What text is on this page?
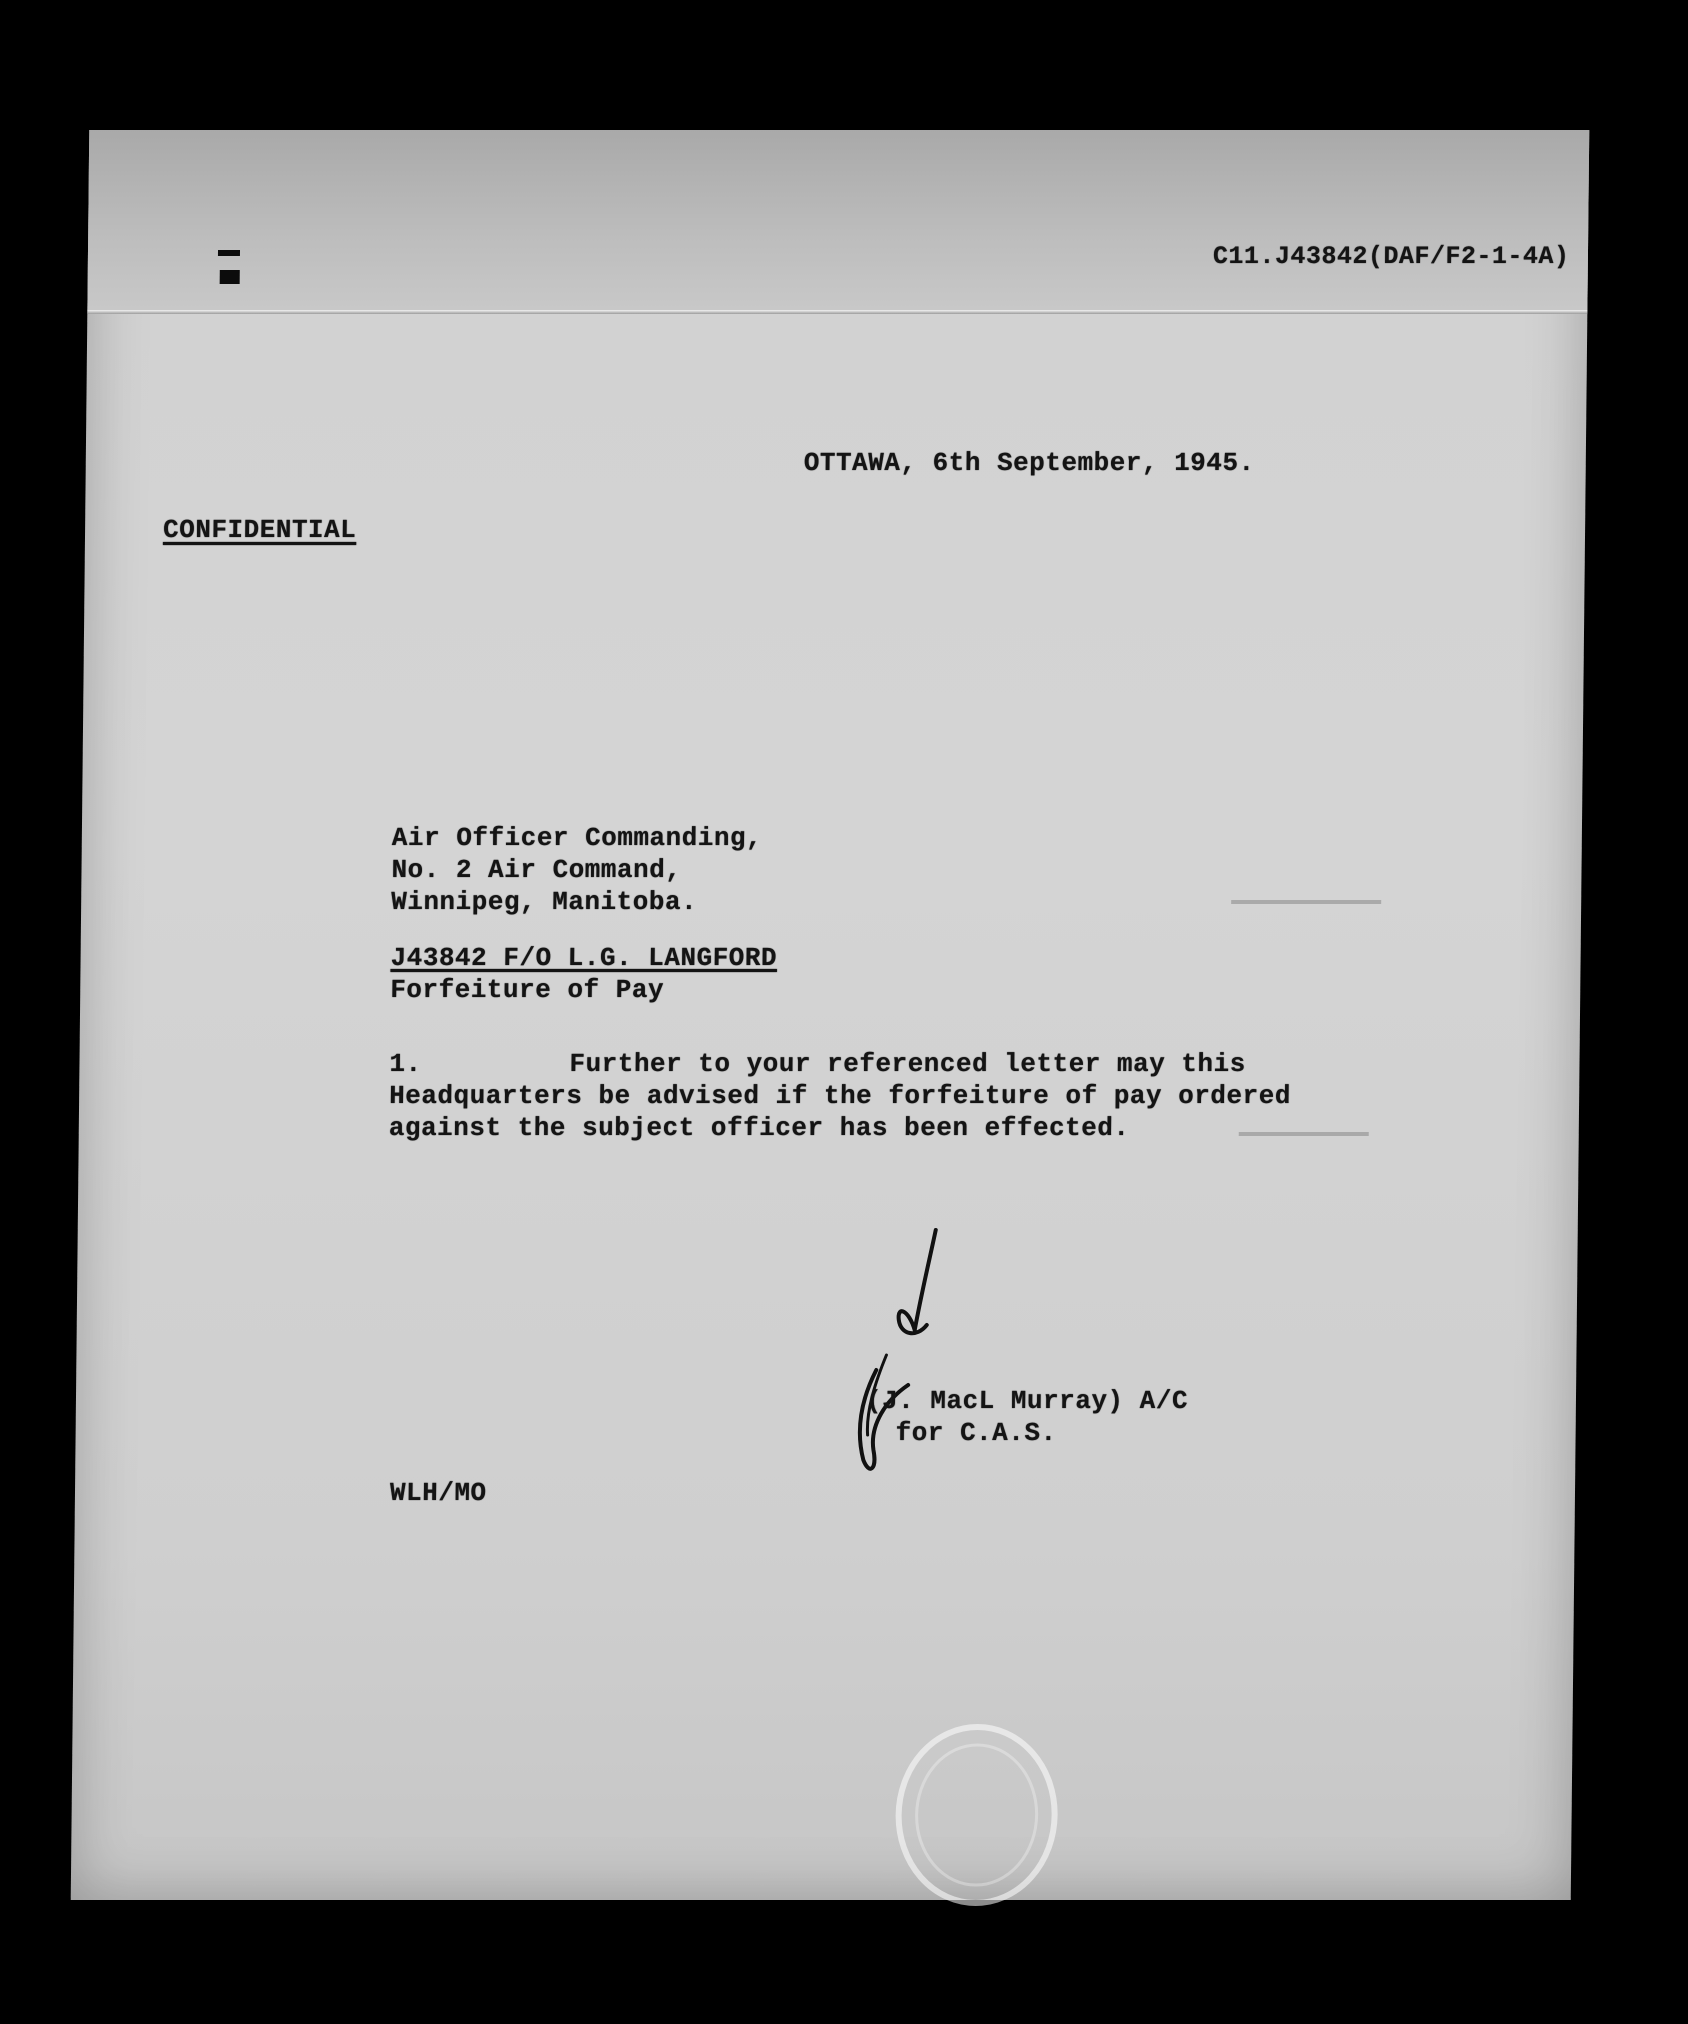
C11.J43842(DAF/F2-1-4A)
OTTAWA, 6th September, 1945.
CONFIDENTIAL
Air Officer Commanding,
No. 2 Air Command,
Winnipeg, Manitoba.
J43842 F/O L.G. LANGFORD
Forfeiture of Pay

1.

	Further to your referenced letter may this

Headquarters be advised if the forfeiture of pay ordered

against the subject officer has been effected.

(J. MacL Murray) A/C
for C.A.S.
WLH/MO
